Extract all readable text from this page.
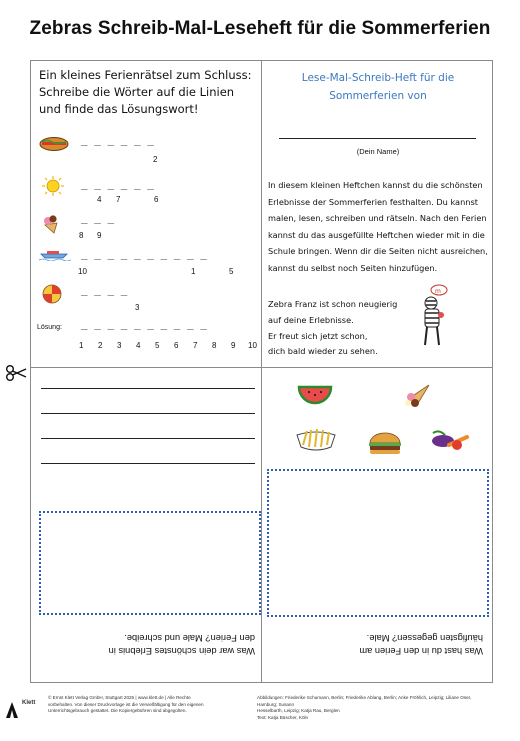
Zebras Schreib-Mal-Leseheft für die Sommerferien
Ein kleines Ferienrätsel zum Schluss: Schreibe die Wörter auf die Linien und finde das Lösungswort!
_ _ _ _ _ _
2
_ _ _ _ _ _
4 7	6
_ _ _
8 9
_ _ _ _ _ _ _ _ _ _
10	1	5
_ _ _ _
3
Lösung: _ _ _ _ _ _ _ _ _ _
1 2 3 4 5 6 7 8 9 10
Lese-Mal-Schreib-Heft für die
Sommerferien von
(Dein Name)
In diesem kleinen Heftchen kannst du die schönsten Erlebnisse der Sommerferien festhalten. Du kannst malen, lesen, schreiben und rätseln. Nach den Ferien kannst du das ausgefüllte Heftchen wieder mit in die Schule bringen. Wenn dir die Seiten nicht ausreichen, kannst du selbst noch Seiten hinzufügen.
Zebra Franz ist schon neugierig
auf deine Erlebnisse.
Er freut sich jetzt schon,
dich bald wieder zu sehen.
m
Was war dein schönstes Erlebnis in
den Ferien? Male und schreibe.
Was hast du in den Ferien am
häufigsten gegessen? Male.
Klett
© Ernst Klett Verlag GmbH, Stuttgart 2025 | www.klett.de | Alle Rechte
vorbehalten. Von dieser Druckvorlage ist die Vervielfältigung für den eigenen
Unterrichtsgebrauch gestattet. Die Kopiergebühren sind abgegolten.
Abbildungen: Friederike Schumann, Berlin; Friederike Ablang, Berlin; Anke Fröhlich, Leipzig; Liliane Oser, Hamburg; Susann
Hesselbarth, Leipzig; Katja Rau, Berglen
Text: Katja Büscher, Köln
